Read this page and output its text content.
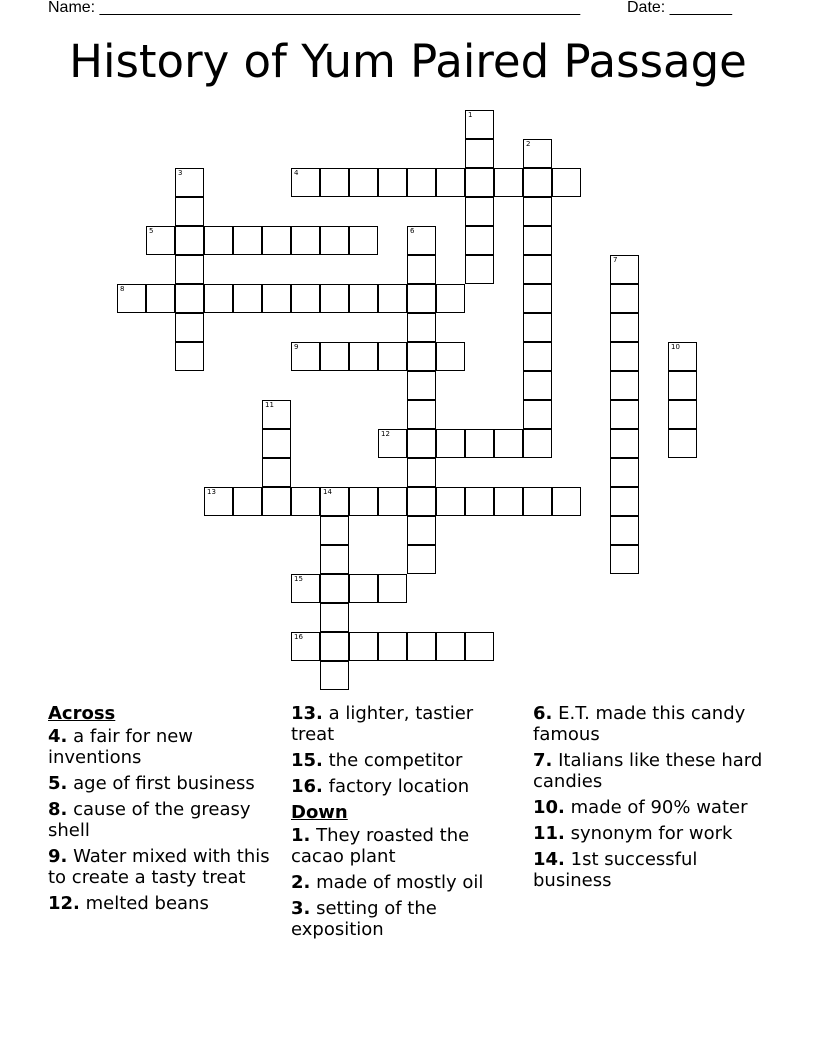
Name: ______________________________________________________	Date: _______
History of Yum Paired Passage
1
2
3	4
5	6
7
8
9	10
11
12
13	14
15
16
Across
4. a fair for new inventions
5. age of first business
8. cause of the greasy shell
9. Water mixed with this to create a tasty treat
12. melted beans
13. a lighter, tastier treat
15. the competitor
16. factory location
Down
1. They roasted the cacao plant
2. made of mostly oil
3. setting of the exposition
6. E.T. made this candy famous
7. Italians like these hard candies
10. made of 90% water
11. synonym for work
14. 1st successful business
